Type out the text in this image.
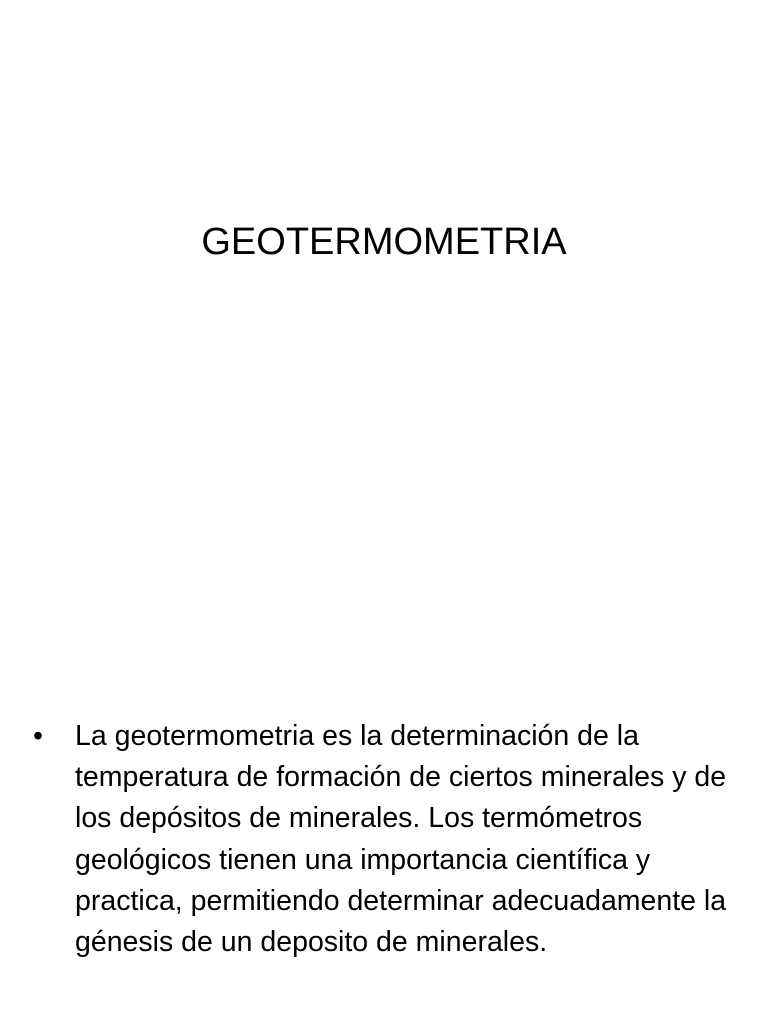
GEOTERMOMETRIA
• La geotermometria es la determinación de la temperatura de formación de ciertos minerales y de los depósitos de minerales. Los termómetros geológicos tienen una importancia científica y practica, permitiendo determinar adecuadamente la génesis de un deposito de minerales.
